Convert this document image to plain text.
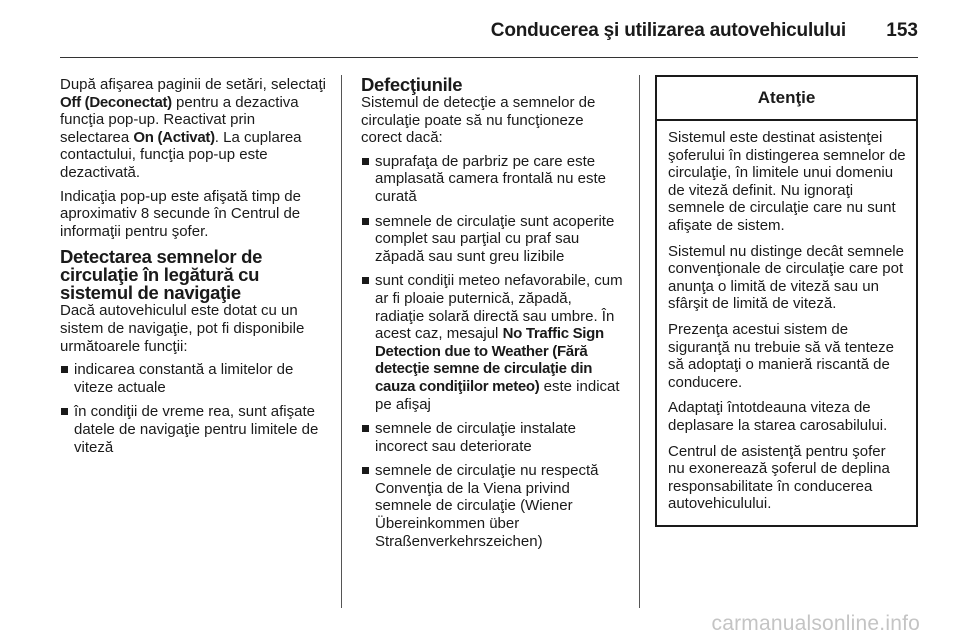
Conducerea şi utilizarea autovehiculului 153

După afişarea paginii de setări, selectaţi Off (Deconectat) pentru a dezactiva funcţia pop-up. Reactivat prin selectarea On (Activat). La cuplarea contactului, funcţia pop-up este dezactivată.

Indicaţia pop-up este afişată timp de aproximativ 8 secunde în Centrul de informaţii pentru şofer.

Detectarea semnelor de circulaţie în legătură cu sistemul de navigaţie

Dacă autovehiculul este dotat cu un sistem de navigaţie, pot fi disponibile următoarele funcţii:

indicarea constantă a limitelor de viteze actuale
în condiţii de vreme rea, sunt afişate datele de navigaţie pentru limitele de viteză
Defecţiunile

Sistemul de detecţie a semnelor de circulaţie poate să nu funcţioneze corect dacă:

suprafaţa de parbriz pe care este amplasată camera frontală nu este curată
semnele de circulaţie sunt acoperite complet sau parţial cu praf sau zăpadă sau sunt greu lizibile
sunt condiţii meteo nefavorabile, cum ar fi ploaie puternică, zăpadă, radiaţie solară directă sau umbre. În acest caz, mesajul No Traffic Sign Detection due to Weather (Fără detecţie semne de circulaţie din cauza condiţiilor meteo) este indicat pe afişaj
semnele de circulaţie instalate incorect sau deteriorate
semnele de circulaţie nu respectă Convenţia de la Viena privind semnele de circulaţie (Wiener Übereinkommen über Straßenverkehrszeichen)
Atenţie

Sistemul este destinat asistenţei şoferului în distingerea semnelor de circulaţie, în limitele unui domeniu de viteză definit. Nu ignoraţi semnele de circulaţie care nu sunt afişate de sistem.

Sistemul nu distinge decât semnele convenţionale de circulaţie care pot anunţa o limită de viteză sau un sfârşit de limită de viteză.

Prezenţa acestui sistem de siguranţă nu trebuie să vă tenteze să adoptaţi o manieră riscantă de conducere.

Adaptaţi întotdeauna viteza de deplasare la starea carosabilului.

Centrul de asistenţă pentru şofer nu exonerează şoferul de deplina responsabilitate în conducerea autovehiculului.

carmanualsonline.info
